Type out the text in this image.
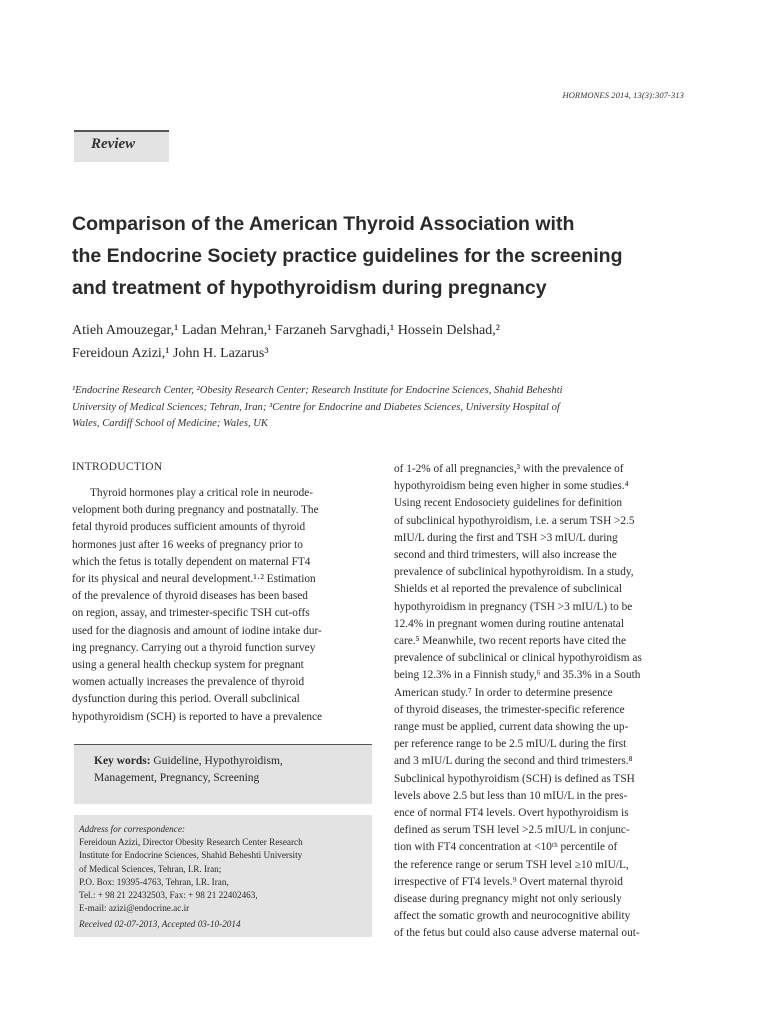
HORMONES 2014, 13(3):307-313
Review
Comparison of the American Thyroid Association with
the Endocrine Society practice guidelines for the screening
and treatment of hypothyroidism during pregnancy
Atieh Amouzegar,¹ Ladan Mehran,¹ Farzaneh Sarvghadi,¹ Hossein Delshad,²
Fereidoun Azizi,¹ John H. Lazarus³
¹Endocrine Research Center, ²Obesity Research Center; Research Institute for Endocrine Sciences, Shahid Beheshti
University of Medical Sciences; Tehran, Iran; ³Centre for Endocrine and Diabetes Sciences, University Hospital of
Wales, Cardiff School of Medicine; Wales, UK
INTRODUCTION
Thyroid hormones play a critical role in neurode-
velopment both during pregnancy and postnatally. The
fetal thyroid produces sufficient amounts of thyroid
hormones just after 16 weeks of pregnancy prior to
which the fetus is totally dependent on maternal FT4
for its physical and neural development.¹·² Estimation
of the prevalence of thyroid diseases has been based
on region, assay, and trimester-specific TSH cut-offs
used for the diagnosis and amount of iodine intake dur-
ing pregnancy. Carrying out a thyroid function survey
using a general health checkup system for pregnant
women actually increases the prevalence of thyroid
dysfunction during this period. Overall subclinical
hypothyroidism (SCH) is reported to have a prevalence
Key words: Guideline, Hypothyroidism,
Management, Pregnancy, Screening
Address for correspondence:
Fereidoun Azizi, Director Obesity Research Center Research
Institute for Endocrine Sciences, Shahid Beheshti University
of Medical Sciences, Tehran, I.R. Iran;
P.O. Box: 19395-4763, Tehran, I.R. Iran,
Tel.: + 98 21 22432503, Fax: + 98 21 22402463,
E-mail: azizi@endocrine.ac.ir
Received 02-07-2013, Accepted 03-10-2014
of 1-2% of all pregnancies,³ with the prevalence of
hypothyroidism being even higher in some studies.⁴
Using recent Endosociety guidelines for definition
of subclinical hypothyroidism, i.e. a serum TSH >2.5
mIU/L during the first and TSH >3 mIU/L during
second and third trimesters, will also increase the
prevalence of subclinical hypothyroidism. In a study,
Shields et al reported the prevalence of subclinical
hypothyroidism in pregnancy (TSH >3 mIU/L) to be
12.4% in pregnant women during routine antenatal
care.⁵ Meanwhile, two recent reports have cited the
prevalence of subclinical or clinical hypothyroidism as
being 12.3% in a Finnish study,⁶ and 35.3% in a South
American study.⁷ In order to determine presence
of thyroid diseases, the trimester-specific reference
range must be applied, current data showing the up-
per reference range to be 2.5 mIU/L during the first
and 3 mIU/L during the second and third trimesters.⁸
Subclinical hypothyroidism (SCH) is defined as TSH
levels above 2.5 but less than 10 mIU/L in the pres-
ence of normal FT4 levels. Overt hypothyroidism is
defined as serum TSH level >2.5 mIU/L in conjunc-
tion with FT4 concentration at <10ᵗʰ percentile of
the reference range or serum TSH level ≥10 mIU/L,
irrespective of FT4 levels.⁹ Overt maternal thyroid
disease during pregnancy might not only seriously
affect the somatic growth and neurocognitive ability
of the fetus but could also cause adverse maternal out-
